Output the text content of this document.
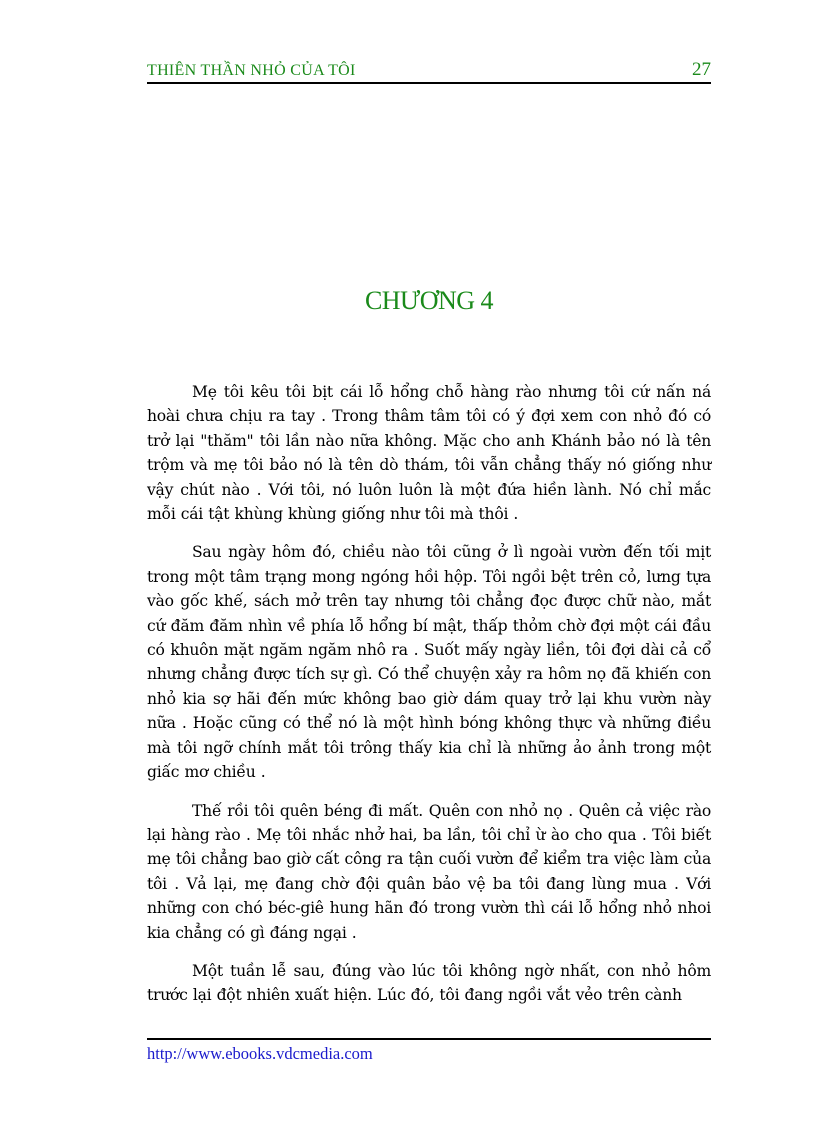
THIÊN THẦN NHỎ CỦA TÔI	27
CHƯƠNG 4

Mẹ tôi kêu tôi bịt cái lỗ hổng chỗ hàng rào nhưng tôi cứ nấn ná hoài chưa chịu ra tay . Trong thâm tâm tôi có ý đợi xem con nhỏ đó có trở lại "thăm" tôi lần nào nữa không. Mặc cho anh Khánh bảo nó là tên trộm và mẹ tôi bảo nó là tên dò thám, tôi vẫn chẳng thấy nó giống như vậy chút nào . Với tôi, nó luôn luôn là một đứa hiền lành. Nó chỉ mắc mỗi cái tật khùng khùng giống như tôi mà thôi .

Sau ngày hôm đó, chiều nào tôi cũng ở lì ngoài vườn đến tối mịt trong một tâm trạng mong ngóng hồi hộp. Tôi ngồi bệt trên cỏ, lưng tựa vào gốc khế, sách mở trên tay nhưng tôi chẳng đọc được chữ nào, mắt cứ đăm đăm nhìn về phía lỗ hổng bí mật, thấp thỏm chờ đợi một cái đầu có khuôn mặt ngăm ngăm nhô ra . Suốt mấy ngày liền, tôi đợi dài cả cổ nhưng chẳng được tích sự gì. Có thể chuyện xảy ra hôm nọ đã khiến con nhỏ kia sợ hãi đến mức không bao giờ dám quay trở lại khu vườn này nữa . Hoặc cũng có thể nó là một hình bóng không thực và những điều mà tôi ngỡ chính mắt tôi trông thấy kia chỉ là những ảo ảnh trong một giấc mơ chiều .

Thế rồi tôi quên béng đi mất. Quên con nhỏ nọ . Quên cả việc rào lại hàng rào . Mẹ tôi nhắc nhở hai, ba lần, tôi chỉ ừ ào cho qua . Tôi biết mẹ tôi chẳng bao giờ cất công ra tận cuối vườn để kiểm tra việc làm của tôi . Vả lại, mẹ đang chờ đội quân bảo vệ ba tôi đang lùng mua . Với những con chó béc-giê hung hãn đó trong vườn thì cái lỗ hổng nhỏ nhoi kia chẳng có gì đáng ngại .

Một tuần lễ sau, đúng vào lúc tôi không ngờ nhất, con nhỏ hôm trước lại đột nhiên xuất hiện. Lúc đó, tôi đang ngồi vắt vẻo trên cành

http://www.ebooks.vdcmedia.com
